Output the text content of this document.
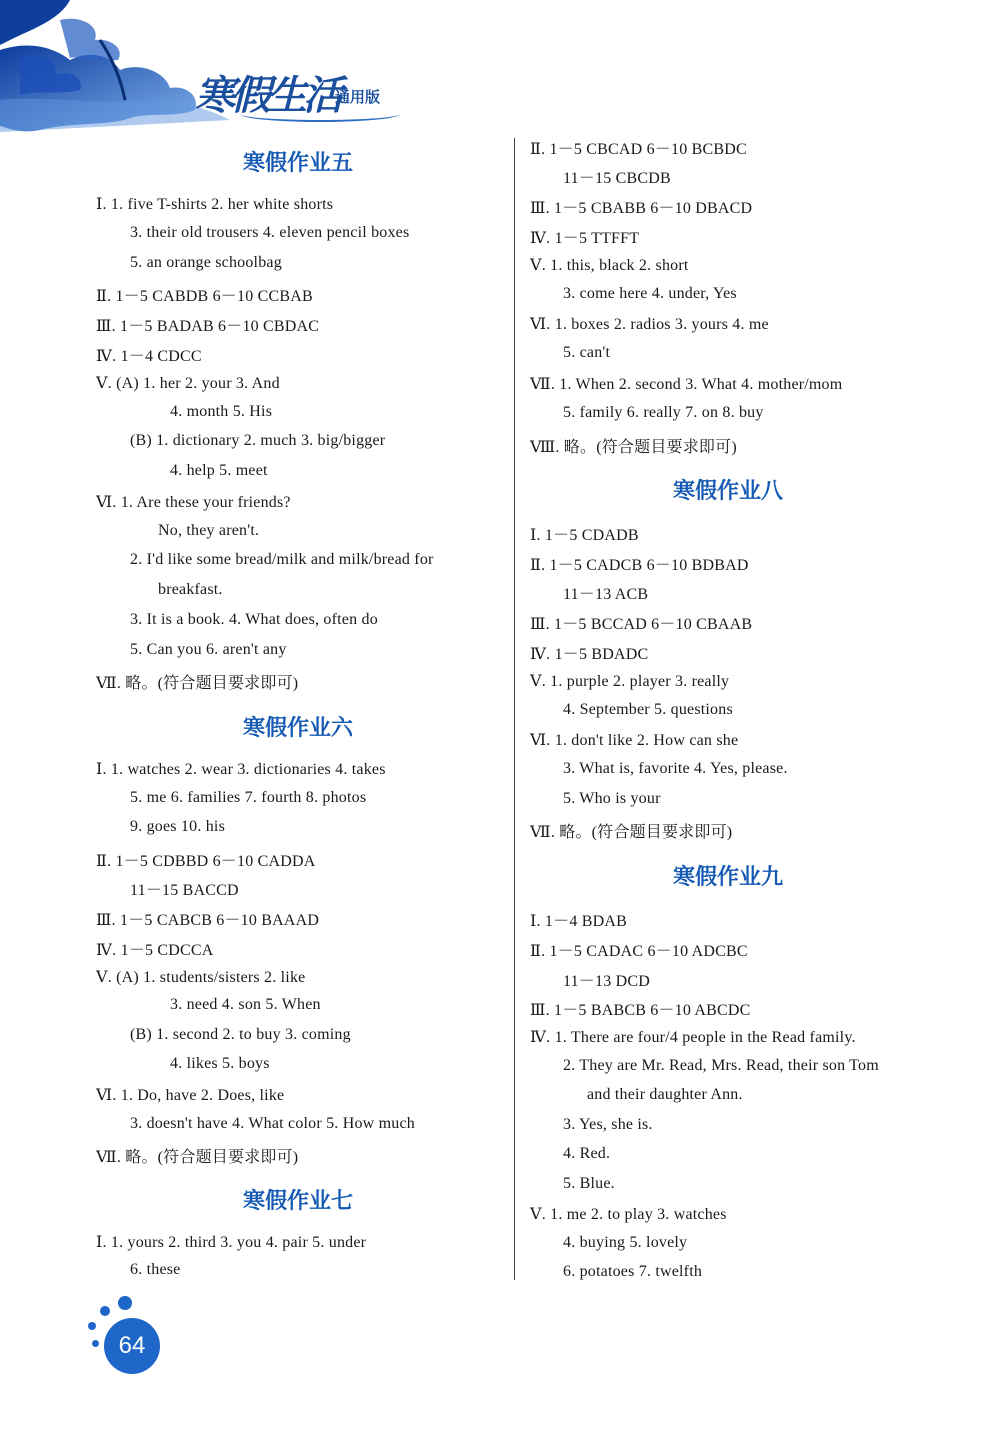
寒假生活
通用版
寒假作业五
Ⅰ. 1. five T-shirts 2. her white shorts
3. their old trousers 4. eleven pencil boxes
5. an orange schoolbag
Ⅱ. 1－5 CABDB 6－10 CCBAB
Ⅲ. 1－5 BADAB 6－10 CBDAC
Ⅳ. 1－4 CDCC
Ⅴ. (A) 1. her 2. your 3. And
4. month 5. His
(B) 1. dictionary 2. much 3. big/bigger
4. help 5. meet
Ⅵ. 1. Are these your friends?
No, they aren't.
2. I'd like some bread/milk and milk/bread for
breakfast.
3. It is a book. 4. What does, often do
5. Can you 6. aren't any
Ⅶ. 略。(符合题目要求即可)
寒假作业六
Ⅰ. 1. watches 2. wear 3. dictionaries 4. takes
5. me 6. families 7. fourth 8. photos
9. goes 10. his
Ⅱ. 1－5 CDBBD 6－10 CADDA
11－15 BACCD
Ⅲ. 1－5 CABCB 6－10 BAAAD
Ⅳ. 1－5 CDCCA
Ⅴ. (A) 1. students/sisters 2. like
3. need 4. son 5. When
(B) 1. second 2. to buy 3. coming
4. likes 5. boys
Ⅵ. 1. Do, have 2. Does, like
3. doesn't have 4. What color 5. How much
Ⅶ. 略。(符合题目要求即可)
寒假作业七
Ⅰ. 1. yours 2. third 3. you 4. pair 5. under
6. these
Ⅱ. 1－5 CBCAD 6－10 BCBDC
11－15 CBCDB
Ⅲ. 1－5 CBABB 6－10 DBACD
Ⅳ. 1－5 TTFFT
Ⅴ. 1. this, black 2. short
3. come here 4. under, Yes
Ⅵ. 1. boxes 2. radios 3. yours 4. me
5. can't
Ⅶ. 1. When 2. second 3. What 4. mother/mom
5. family 6. really 7. on 8. buy
Ⅷ. 略。(符合题目要求即可)
寒假作业八
Ⅰ. 1－5 CDADB
Ⅱ. 1－5 CADCB 6－10 BDBAD
11－13 ACB
Ⅲ. 1－5 BCCAD 6－10 CBAAB
Ⅳ. 1－5 BDADC
Ⅴ. 1. purple 2. player 3. really
4. September 5. questions
Ⅵ. 1. don't like 2. How can she
3. What is, favorite 4. Yes, please.
5. Who is your
Ⅶ. 略。(符合题目要求即可)
寒假作业九
Ⅰ. 1－4 BDAB
Ⅱ. 1－5 CADAC 6－10 ADCBC
11－13 DCD
Ⅲ. 1－5 BABCB 6－10 ABCDC
Ⅳ. 1. There are four/4 people in the Read family.
2. They are Mr. Read, Mrs. Read, their son Tom
and their daughter Ann.
3. Yes, she is.
4. Red.
5. Blue.
Ⅴ. 1. me 2. to play 3. watches
4. buying 5. lovely
6. potatoes 7. twelfth
64
